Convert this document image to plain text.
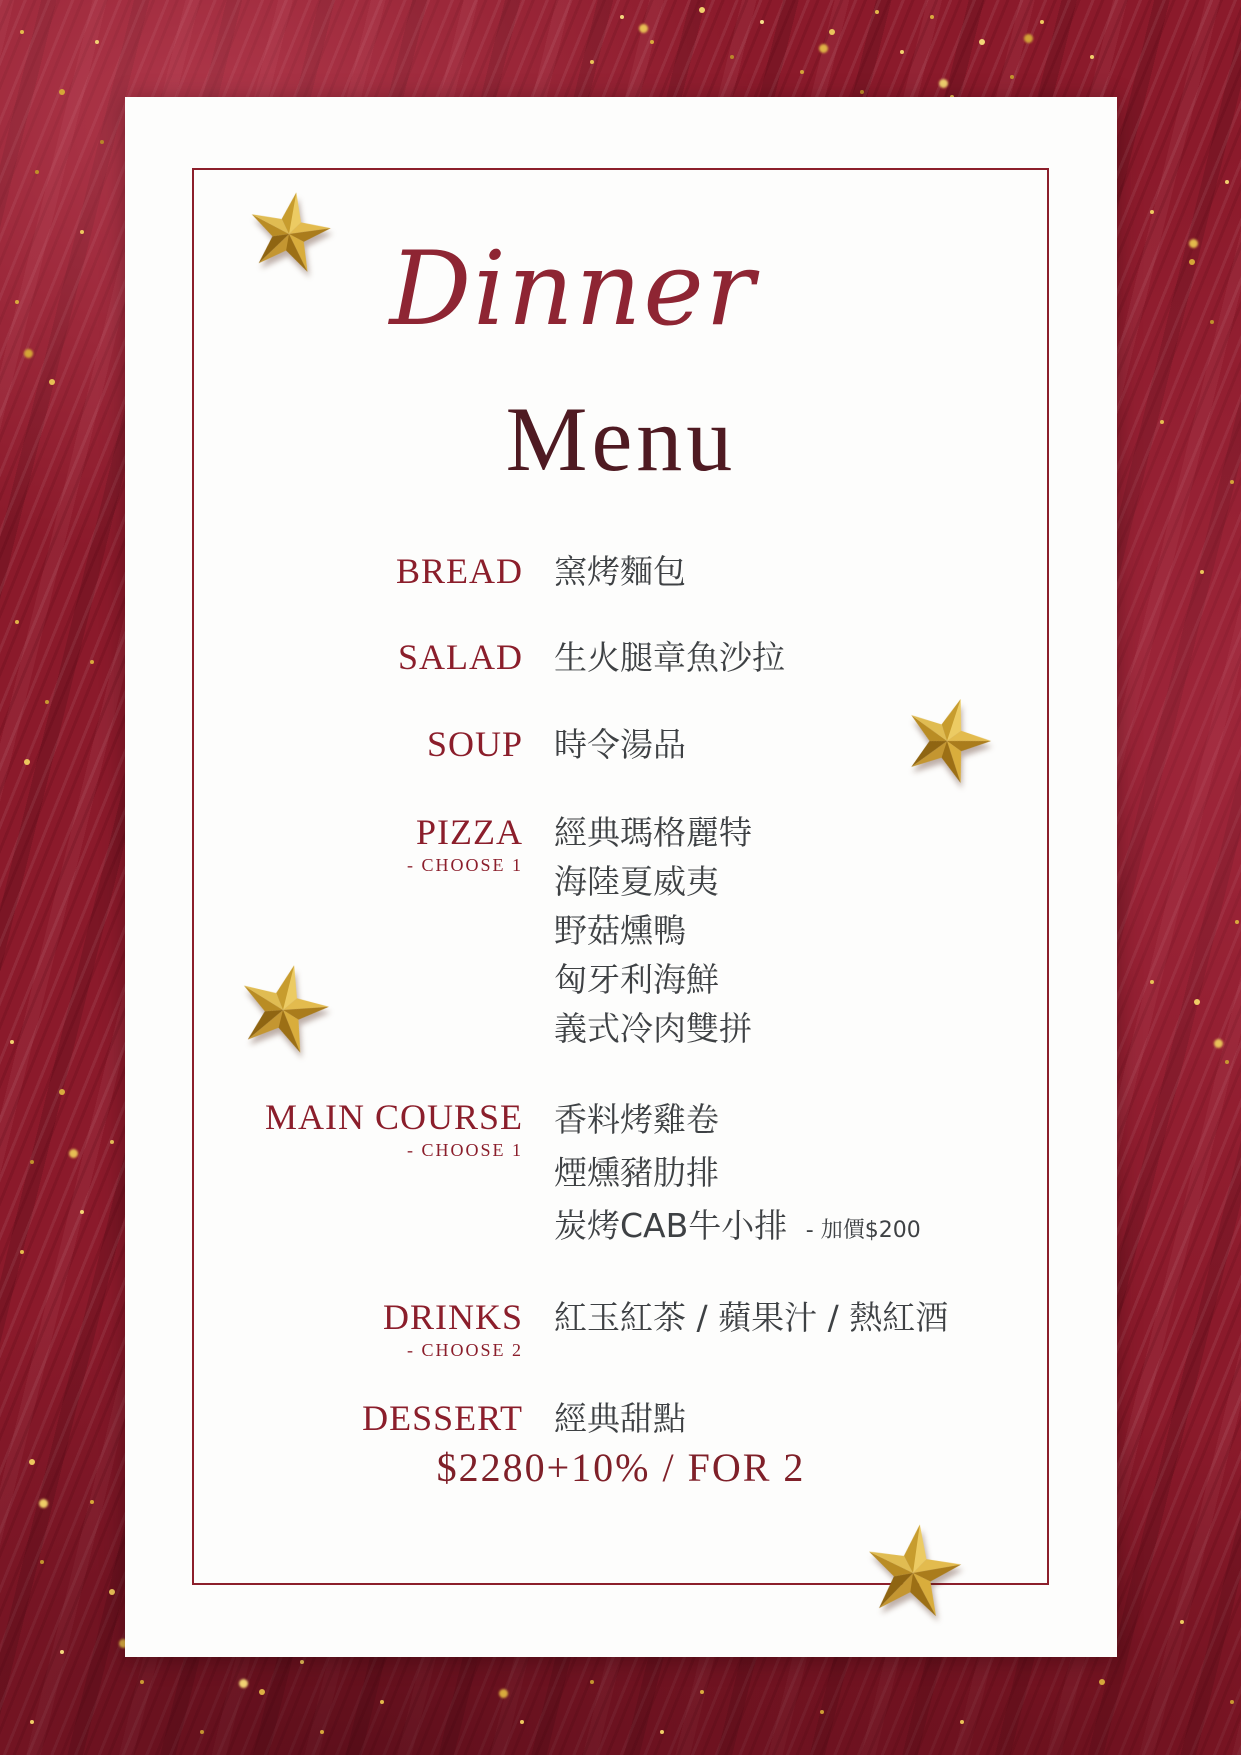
Dinner
Menu
BREAD 窯烤麵包
SALAD 生火腿章魚沙拉
SOUP 時令湯品
PIZZA
- CHOOSE 1
經典瑪格麗特
海陸夏威夷
野菇燻鴨
匈牙利海鮮
義式冷肉雙拼
MAIN COURSE
- CHOOSE 1
香料烤雞卷
煙燻豬肋排
炭烤CAB牛小排 - 加價$200
DRINKS
- CHOOSE 2
紅玉紅茶 / 蘋果汁 / 熱紅酒
DESSERT 經典甜點
$2280+10% / FOR 2
